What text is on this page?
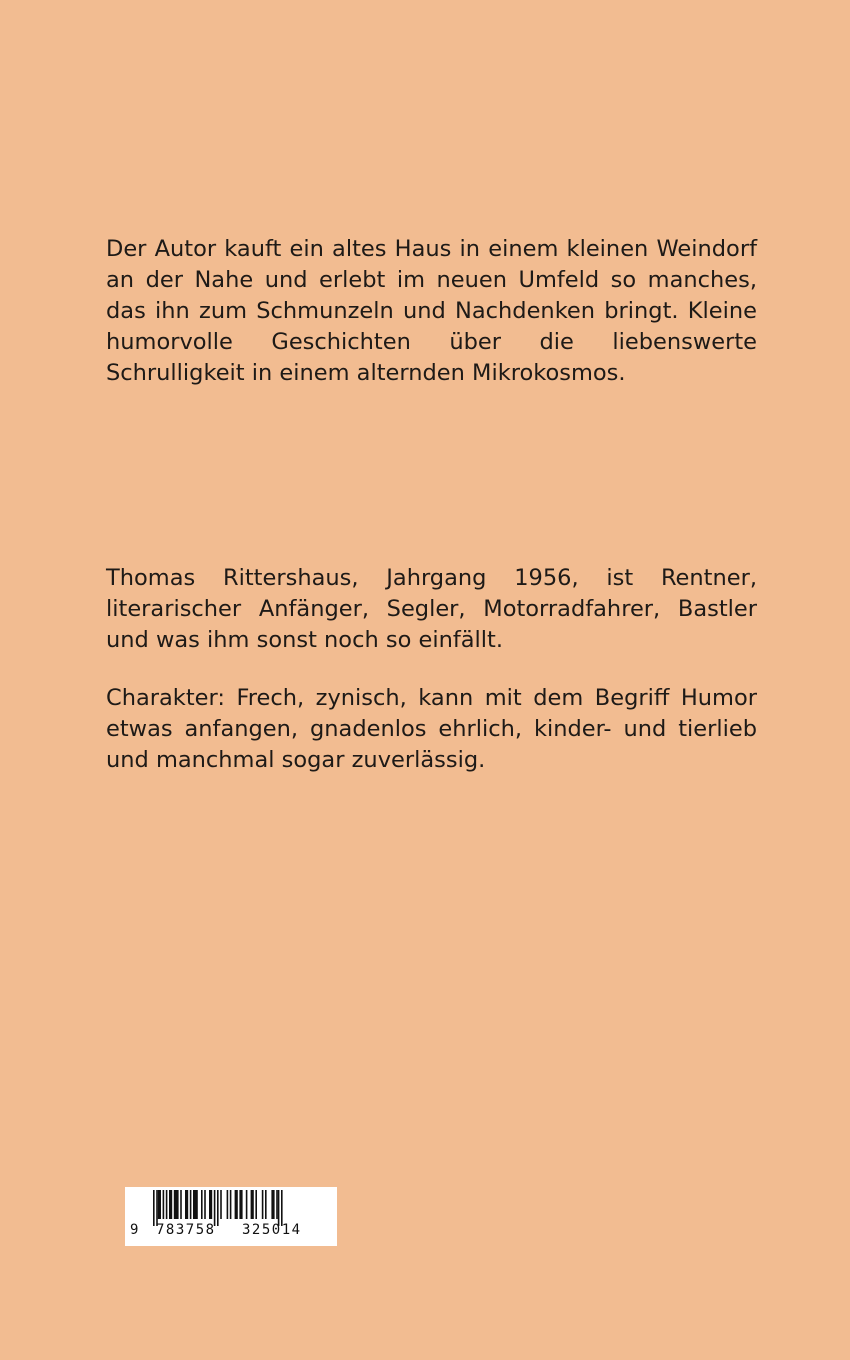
Der Autor kauft ein altes Haus in einem kleinen Weindorf an der Nahe und erlebt im neuen Umfeld so manches, das ihn zum Schmunzeln und Nachdenken bringt. Kleine humorvolle Geschichten über die liebenswerte Schrulligkeit in einem alternden Mikrokosmos.

Thomas Rittershaus, Jahrgang 1956, ist Rentner, literarischer Anfänger, Segler, Motorradfahrer, Bastler und was ihm sonst noch so einfällt.

Charakter: Frech, zynisch, kann mit dem Begriff Humor etwas anfangen, gnadenlos ehrlich, kinder- und tierlieb und manchmal sogar zuverlässig.

9 783758 325014
